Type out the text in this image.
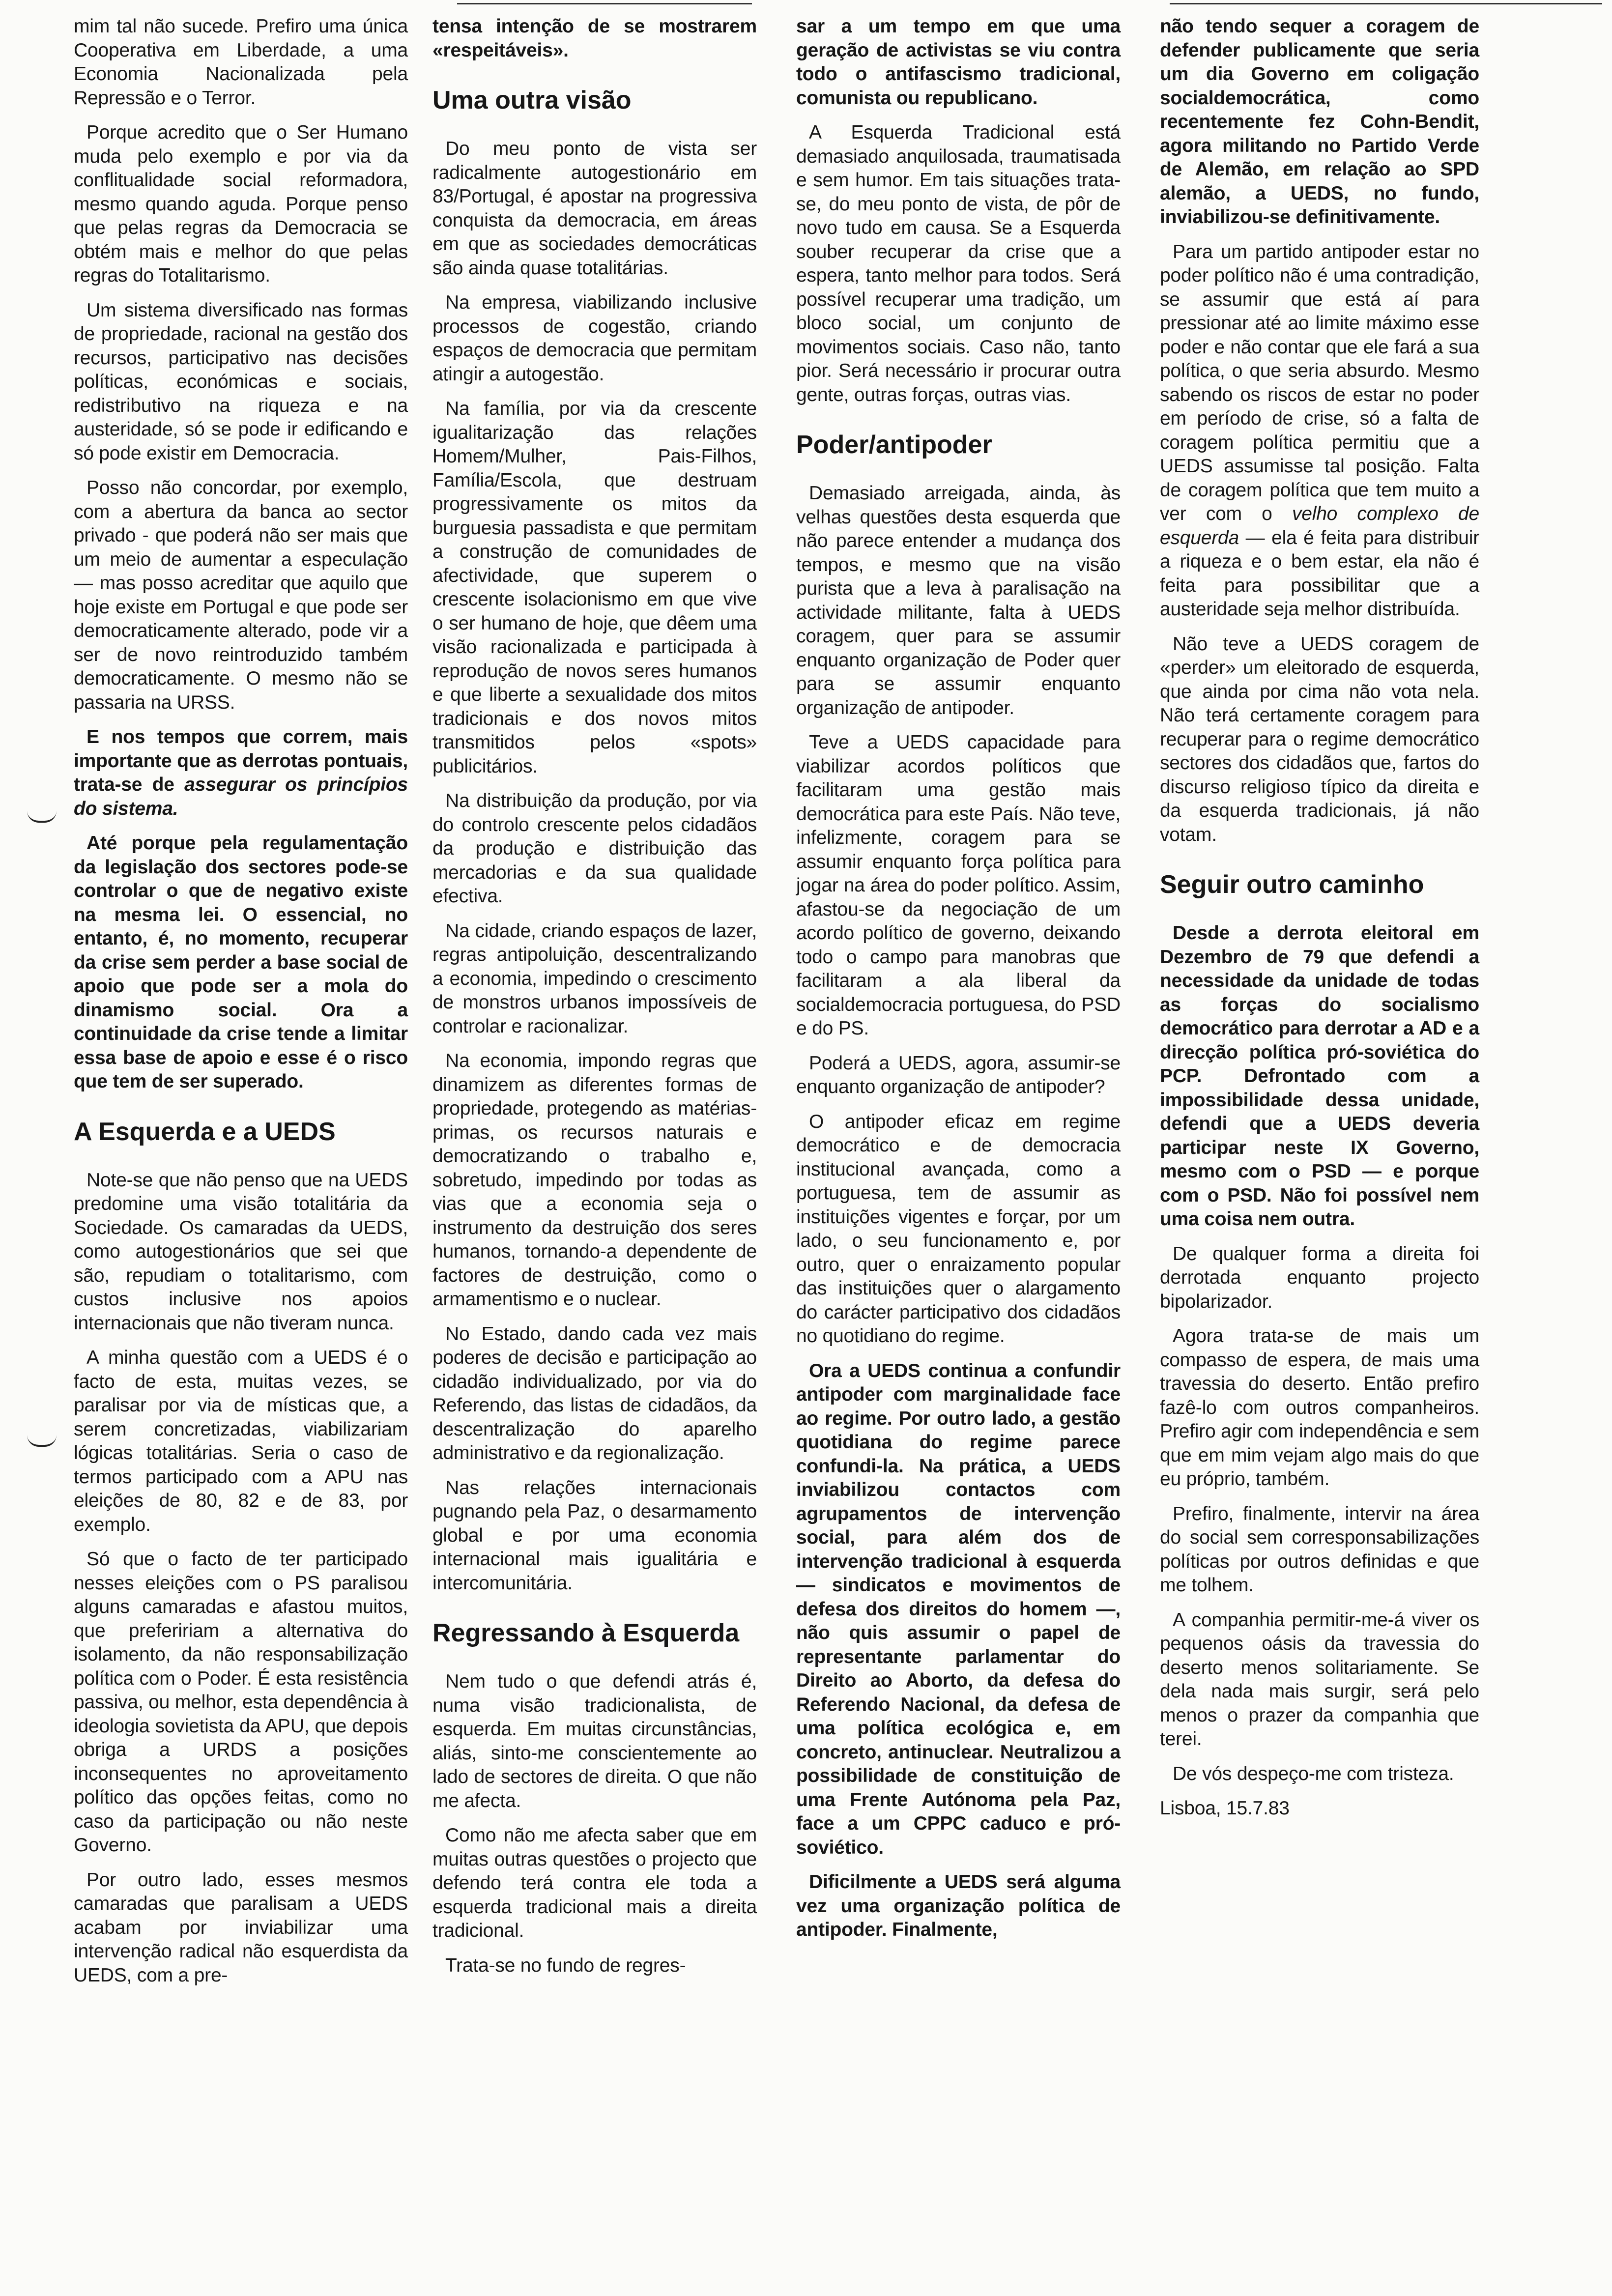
mim tal não sucede. Prefiro uma única Cooperativa em Liberdade, a uma Economia Nacionalizada pela Repressão e o Terror.

Porque acredito que o Ser Humano muda pelo exemplo e por via da conflitualidade social reformadora, mesmo quando aguda. Porque penso que pelas regras da Democracia se obtém mais e melhor do que pelas regras do Totalitarismo.

Um sistema diversificado nas formas de propriedade, racional na gestão dos recursos, participativo nas decisões políticas, económicas e sociais, redistributivo na riqueza e na austeridade, só se pode ir edificando e só pode existir em Democracia.

Posso não concordar, por exemplo, com a abertura da banca ao sector privado - que poderá não ser mais que um meio de aumentar a especulação — mas posso acreditar que aquilo que hoje existe em Portugal e que pode ser democraticamente alterado, pode vir a ser de novo reintroduzido também democraticamente. O mesmo não se passaria na URSS.

E nos tempos que correm, mais importante que as derrotas pontuais, trata-se de assegurar os princípios do sistema.

Até porque pela regulamentação da legislação dos sectores pode-se controlar o que de negativo existe na mesma lei. O essencial, no entanto, é, no momento, recuperar da crise sem perder a base social de apoio que pode ser a mola do dinamismo social. Ora a continuidade da crise tende a limitar essa base de apoio e esse é o risco que tem de ser superado.

A Esquerda e a UEDS

Note-se que não penso que na UEDS predomine uma visão totalitária da Sociedade. Os camaradas da UEDS, como autogestionários que sei que são, repudiam o totalitarismo, com custos inclusive nos apoios internacionais que não tiveram nunca.

A minha questão com a UEDS é o facto de esta, muitas vezes, se paralisar por via de místicas que, a serem concretizadas, viabilizariam lógicas totalitárias. Seria o caso de termos participado com a APU nas eleições de 80, 82 e de 83, por exemplo.

Só que o facto de ter participado nesses eleições com o PS paralisou alguns camaradas e afastou muitos, que prefeririam a alternativa do isolamento, da não responsabilização política com o Poder. É esta resistência passiva, ou melhor, esta dependência à ideologia sovietista da APU, que depois obriga a URDS a posições inconsequentes no aproveitamento político das opções feitas, como no caso da participação ou não neste Governo.

Por outro lado, esses mesmos camaradas que paralisam a UEDS acabam por inviabilizar uma intervenção radical não esquerdista da UEDS, com a pre-

tensa intenção de se mostrarem «respeitáveis».

Uma outra visão

Do meu ponto de vista ser radicalmente autogestionário em 83/Portugal, é apostar na progressiva conquista da democracia, em áreas em que as sociedades democráticas são ainda quase totalitárias.

Na empresa, viabilizando inclusive processos de cogestão, criando espaços de democracia que permitam atingir a autogestão.

Na família, por via da crescente igualitarização das relações Homem/Mulher, Pais-Filhos, Família/Escola, que destruam progressivamente os mitos da burguesia passadista e que permitam a construção de comunidades de afectividade, que superem o crescente isolacionismo em que vive o ser humano de hoje, que dêem uma visão racionalizada e participada à reprodução de novos seres humanos e que liberte a sexualidade dos mitos tradicionais e dos novos mitos transmitidos pelos «spots» publicitários.

Na distribuição da produção, por via do controlo crescente pelos cidadãos da produção e distribuição das mercadorias e da sua qualidade efectiva.

Na cidade, criando espaços de lazer, regras antipoluição, descentralizando a economia, impedindo o crescimento de monstros urbanos impossíveis de controlar e racionalizar.

Na economia, impondo regras que dinamizem as diferentes formas de propriedade, protegendo as matérias-primas, os recursos naturais e democratizando o trabalho e, sobretudo, impedindo por todas as vias que a economia seja o instrumento da destruição dos seres humanos, tornando-a dependente de factores de destruição, como o armamentismo e o nuclear.

No Estado, dando cada vez mais poderes de decisão e participação ao cidadão individualizado, por via do Referendo, das listas de cidadãos, da descentralização do aparelho administrativo e da regionalização.

Nas relações internacionais pugnando pela Paz, o desarmamento global e por uma economia internacional mais igualitária e intercomunitária.

Regressando à Esquerda

Nem tudo o que defendi atrás é, numa visão tradicionalista, de esquerda. Em muitas circunstâncias, aliás, sinto-me conscientemente ao lado de sectores de direita. O que não me afecta.

Como não me afecta saber que em muitas outras questões o projecto que defendo terá contra ele toda a esquerda tradicional mais a direita tradicional.

Trata-se no fundo de regres-

sar a um tempo em que uma geração de activistas se viu contra todo o antifascismo tradicional, comunista ou republicano.

A Esquerda Tradicional está demasiado anquilosada, traumatisada e sem humor. Em tais situações trata-se, do meu ponto de vista, de pôr de novo tudo em causa. Se a Esquerda souber recuperar da crise que a espera, tanto melhor para todos. Será possível recuperar uma tradição, um bloco social, um conjunto de movimentos sociais. Caso não, tanto pior. Será necessário ir procurar outra gente, outras forças, outras vias.

Poder/antipoder

Demasiado arreigada, ainda, às velhas questões desta esquerda que não parece entender a mudança dos tempos, e mesmo que na visão purista que a leva à paralisação na actividade militante, falta à UEDS coragem, quer para se assumir enquanto organização de Poder quer para se assumir enquanto organização de antipoder.

Teve a UEDS capacidade para viabilizar acordos políticos que facilitaram uma gestão mais democrática para este País. Não teve, infelizmente, coragem para se assumir enquanto força política para jogar na área do poder político. Assim, afastou-se da negociação de um acordo político de governo, deixando todo o campo para manobras que facilitaram a ala liberal da socialdemocracia portuguesa, do PSD e do PS.

Poderá a UEDS, agora, assumir-se enquanto organização de antipoder?

O antipoder eficaz em regime democrático e de democracia institucional avançada, como a portuguesa, tem de assumir as instituições vigentes e forçar, por um lado, o seu funcionamento e, por outro, quer o enraizamento popular das instituições quer o alargamento do carácter participativo dos cidadãos no quotidiano do regime.

Ora a UEDS continua a confundir antipoder com marginalidade face ao regime. Por outro lado, a gestão quotidiana do regime parece confundi-la. Na prática, a UEDS inviabilizou contactos com agrupamentos de intervenção social, para além dos de intervenção tradicional à esquerda — sindicatos e movimentos de defesa dos direitos do homem —, não quis assumir o papel de representante parlamentar do Direito ao Aborto, da defesa do Referendo Nacional, da defesa de uma política ecológica e, em concreto, antinuclear. Neutralizou a possibilidade de constituição de uma Frente Autónoma pela Paz, face a um CPPC caduco e pró-soviético.

Dificilmente a UEDS será alguma vez uma organização política de antipoder. Finalmente,

não tendo sequer a coragem de defender publicamente que seria um dia Governo em coligação socialdemocrática, como recentemente fez Cohn-Bendit, agora militando no Partido Verde de Alemão, em relação ao SPD alemão, a UEDS, no fundo, inviabilizou-se definitivamente.

Para um partido antipoder estar no poder político não é uma contradição, se assumir que está aí para pressionar até ao limite máximo esse poder e não contar que ele fará a sua política, o que seria absurdo. Mesmo sabendo os riscos de estar no poder em período de crise, só a falta de coragem política permitiu que a UEDS assumisse tal posição. Falta de coragem política que tem muito a ver com o velho complexo de esquerda — ela é feita para distribuir a riqueza e o bem estar, ela não é feita para possibilitar que a austeridade seja melhor distribuída.

Não teve a UEDS coragem de «perder» um eleitorado de esquerda, que ainda por cima não vota nela. Não terá certamente coragem para recuperar para o regime democrático sectores dos cidadãos que, fartos do discurso religioso típico da direita e da esquerda tradicionais, já não votam.

Seguir outro caminho

Desde a derrota eleitoral em Dezembro de 79 que defendi a necessidade da unidade de todas as forças do socialismo democrático para derrotar a AD e a direcção política pró-soviética do PCP. Defrontado com a impossibilidade dessa unidade, defendi que a UEDS deveria participar neste IX Governo, mesmo com o PSD — e porque com o PSD. Não foi possível nem uma coisa nem outra.

De qualquer forma a direita foi derrotada enquanto projecto bipolarizador.

Agora trata-se de mais um compasso de espera, de mais uma travessia do deserto. Então prefiro fazê-lo com outros companheiros. Prefiro agir com independência e sem que em mim vejam algo mais do que eu próprio, também.

Prefiro, finalmente, intervir na área do social sem corresponsabilizações políticas por outros definidas e que me tolhem.

A companhia permitir-me-á viver os pequenos oásis da travessia do deserto menos solitariamente. Se dela nada mais surgir, será pelo menos o prazer da companhia que terei.

De vós despeço-me com tristeza.

Lisboa, 15.7.83
